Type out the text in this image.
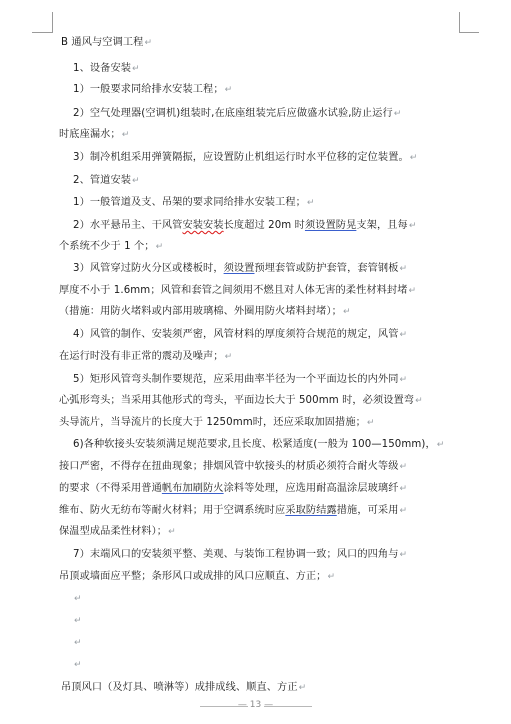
B 通风与空调工程↵
1、设备安装↵
1）一般要求同给排水安装工程；↵
2）空气处理器(空调机)组装时,在底座组装完后应做盛水试验,防止运行↵
时底座漏水；↵
3）制冷机组采用弹簧隔振，应设置防止机组运行时水平位移的定位装置。↵
2、管道安装↵
1）一般管道及支、吊架的要求同给排水安装工程；↵
2）水平悬吊主、干风管安装安装长度超过 20m 时须设置防晃支架，且每↵
个系统不少于 1 个；↵
3）风管穿过防火分区或楼板时，须设置预埋套管或防护套管，套管钢板↵
厚度不小于 1.6mm；风管和套管之间须用不燃且对人体无害的柔性材料封堵↵
（措施：用防火堵料或内部用玻璃棉、外圈用防火堵料封堵）；↵
4）风管的制作、安装须严密，风管材料的厚度须符合规范的规定，风管↵
在运行时没有非正常的震动及噪声；↵
5）矩形风管弯头制作要规范，应采用曲率半径为一个平面边长的内外同↵
心弧形弯头；当采用其他形式的弯头，平面边长大于 500mm 时，必须设置弯↵
头导流片，当导流片的长度大于 1250mm时，还应采取加固措施；↵
6)各种软接头安装须满足规范要求,且长度、松紧适度(一般为 100—150mm)，↵
接口严密，不得存在扭曲现象；排烟风管中软接头的材质必须符合耐火等级↵
的要求（不得采用普通帆布加刷防火涂料等处理，应选用耐高温涂层玻璃纤↵
维布、防火无纺布等耐火材料；用于空调系统时应采取防结露措施，可采用↵
保温型成品柔性材料）；↵
7）末端风口的安装须平整、美观、与装饰工程协调一致；风口的四角与↵
吊顶或墙面应平整；条形风口或成排的风口应顺直、方正；↵
↵
↵
↵
↵
吊顶风口（及灯具、喷淋等）成排成线、顺直、方正↵
— 13 —
